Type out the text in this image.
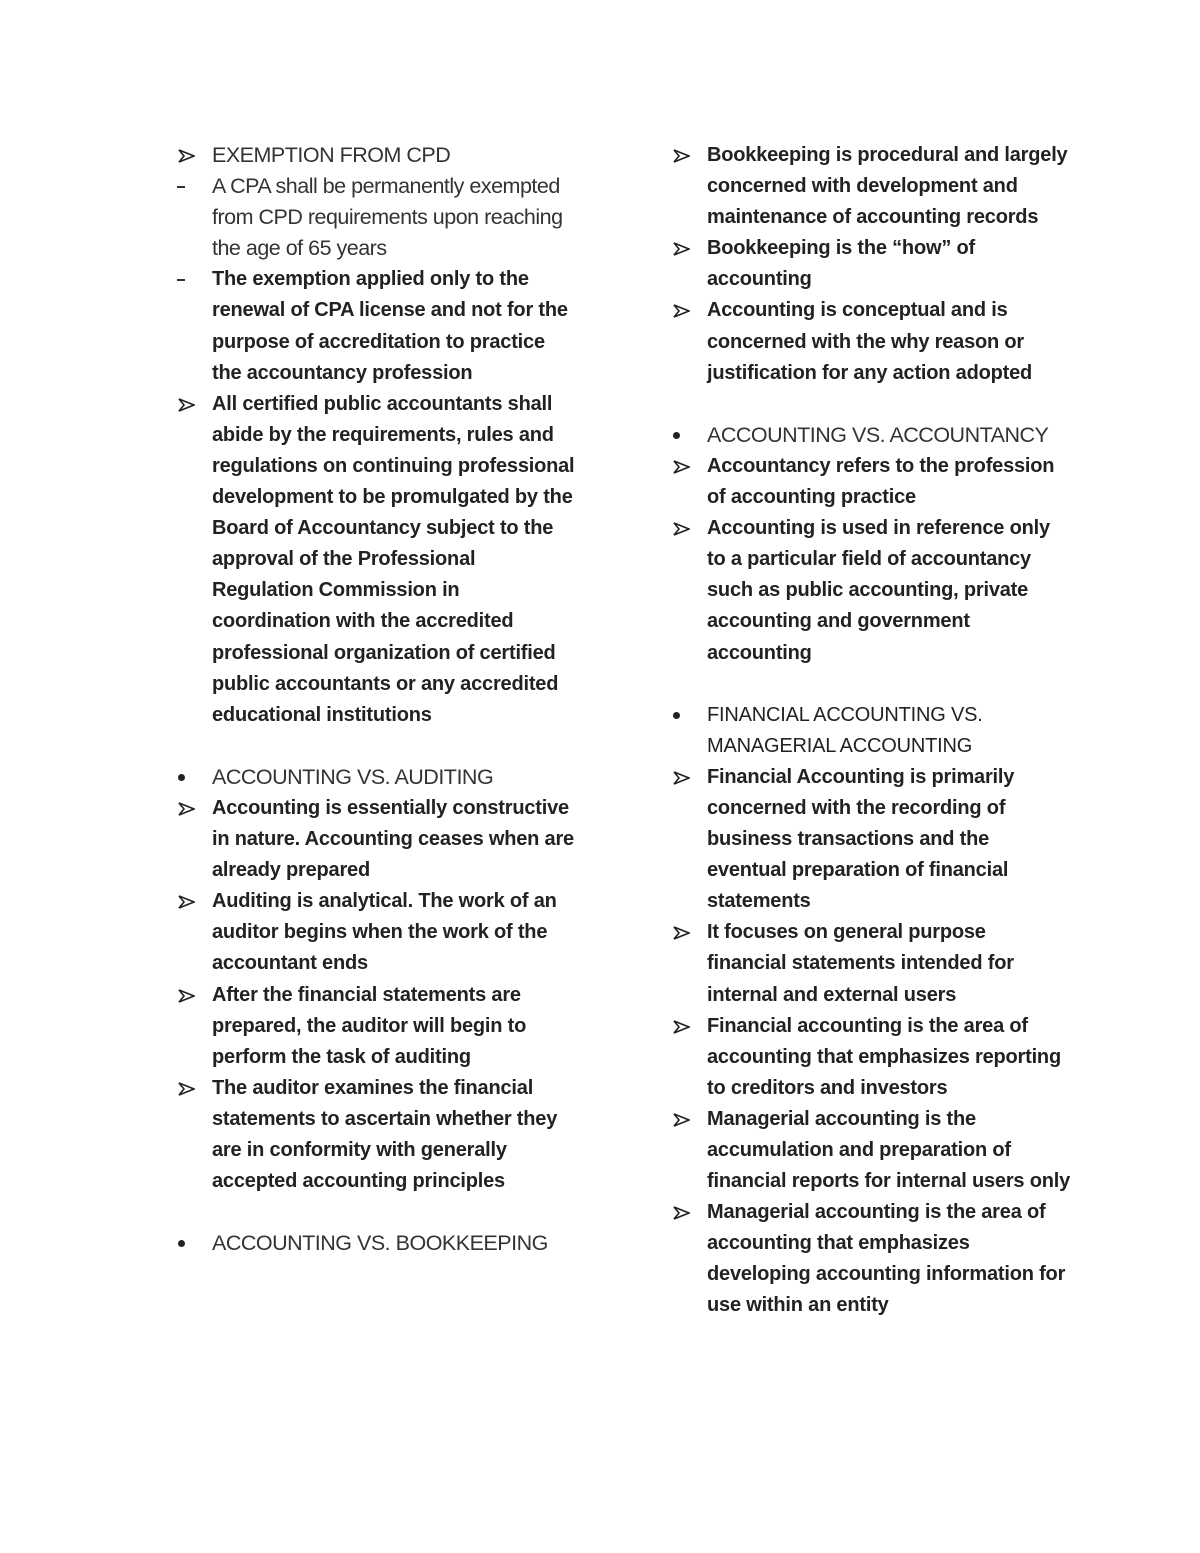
EXEMPTION FROM CPD
A CPA shall be permanently exempted from CPD requirements upon reaching the age of 65 years
The exemption applied only to the renewal of CPA license and not for the purpose of accreditation to practice the accountancy profession
All certified public accountants shall abide by the requirements, rules and regulations on continuing professional development to be promulgated by the Board of Accountancy subject to the approval of the Professional Regulation Commission in coordination with the accredited professional organization of certified public accountants or any accredited educational institutions
ACCOUNTING VS. AUDITING
Accounting is essentially constructive in nature. Accounting ceases when are already prepared
Auditing is analytical. The work of an auditor begins when the work of the accountant ends
After the financial statements are prepared, the auditor will begin to perform the task of auditing
The auditor examines the financial statements to ascertain whether they are in conformity with generally accepted accounting principles
ACCOUNTING VS. BOOKKEEPING
Bookkeeping is procedural and largely concerned with development and maintenance of accounting records
Bookkeeping is the “how” of accounting
Accounting is conceptual and is concerned with the why reason or justification for any action adopted
ACCOUNTING VS. ACCOUNTANCY
Accountancy refers to the profession of accounting practice
Accounting is used in reference only to a particular field of accountancy such as public accounting, private accounting and government accounting
FINANCIAL ACCOUNTING VS. MANAGERIAL ACCOUNTING
Financial Accounting is primarily concerned with the recording of business transactions and the eventual preparation of financial statements
It focuses on general purpose financial statements intended for internal and external users
Financial accounting is the area of accounting that emphasizes reporting to creditors and investors
Managerial accounting is the accumulation and preparation of financial reports for internal users only
Managerial accounting is the area of accounting that emphasizes developing accounting information for use within an entity
